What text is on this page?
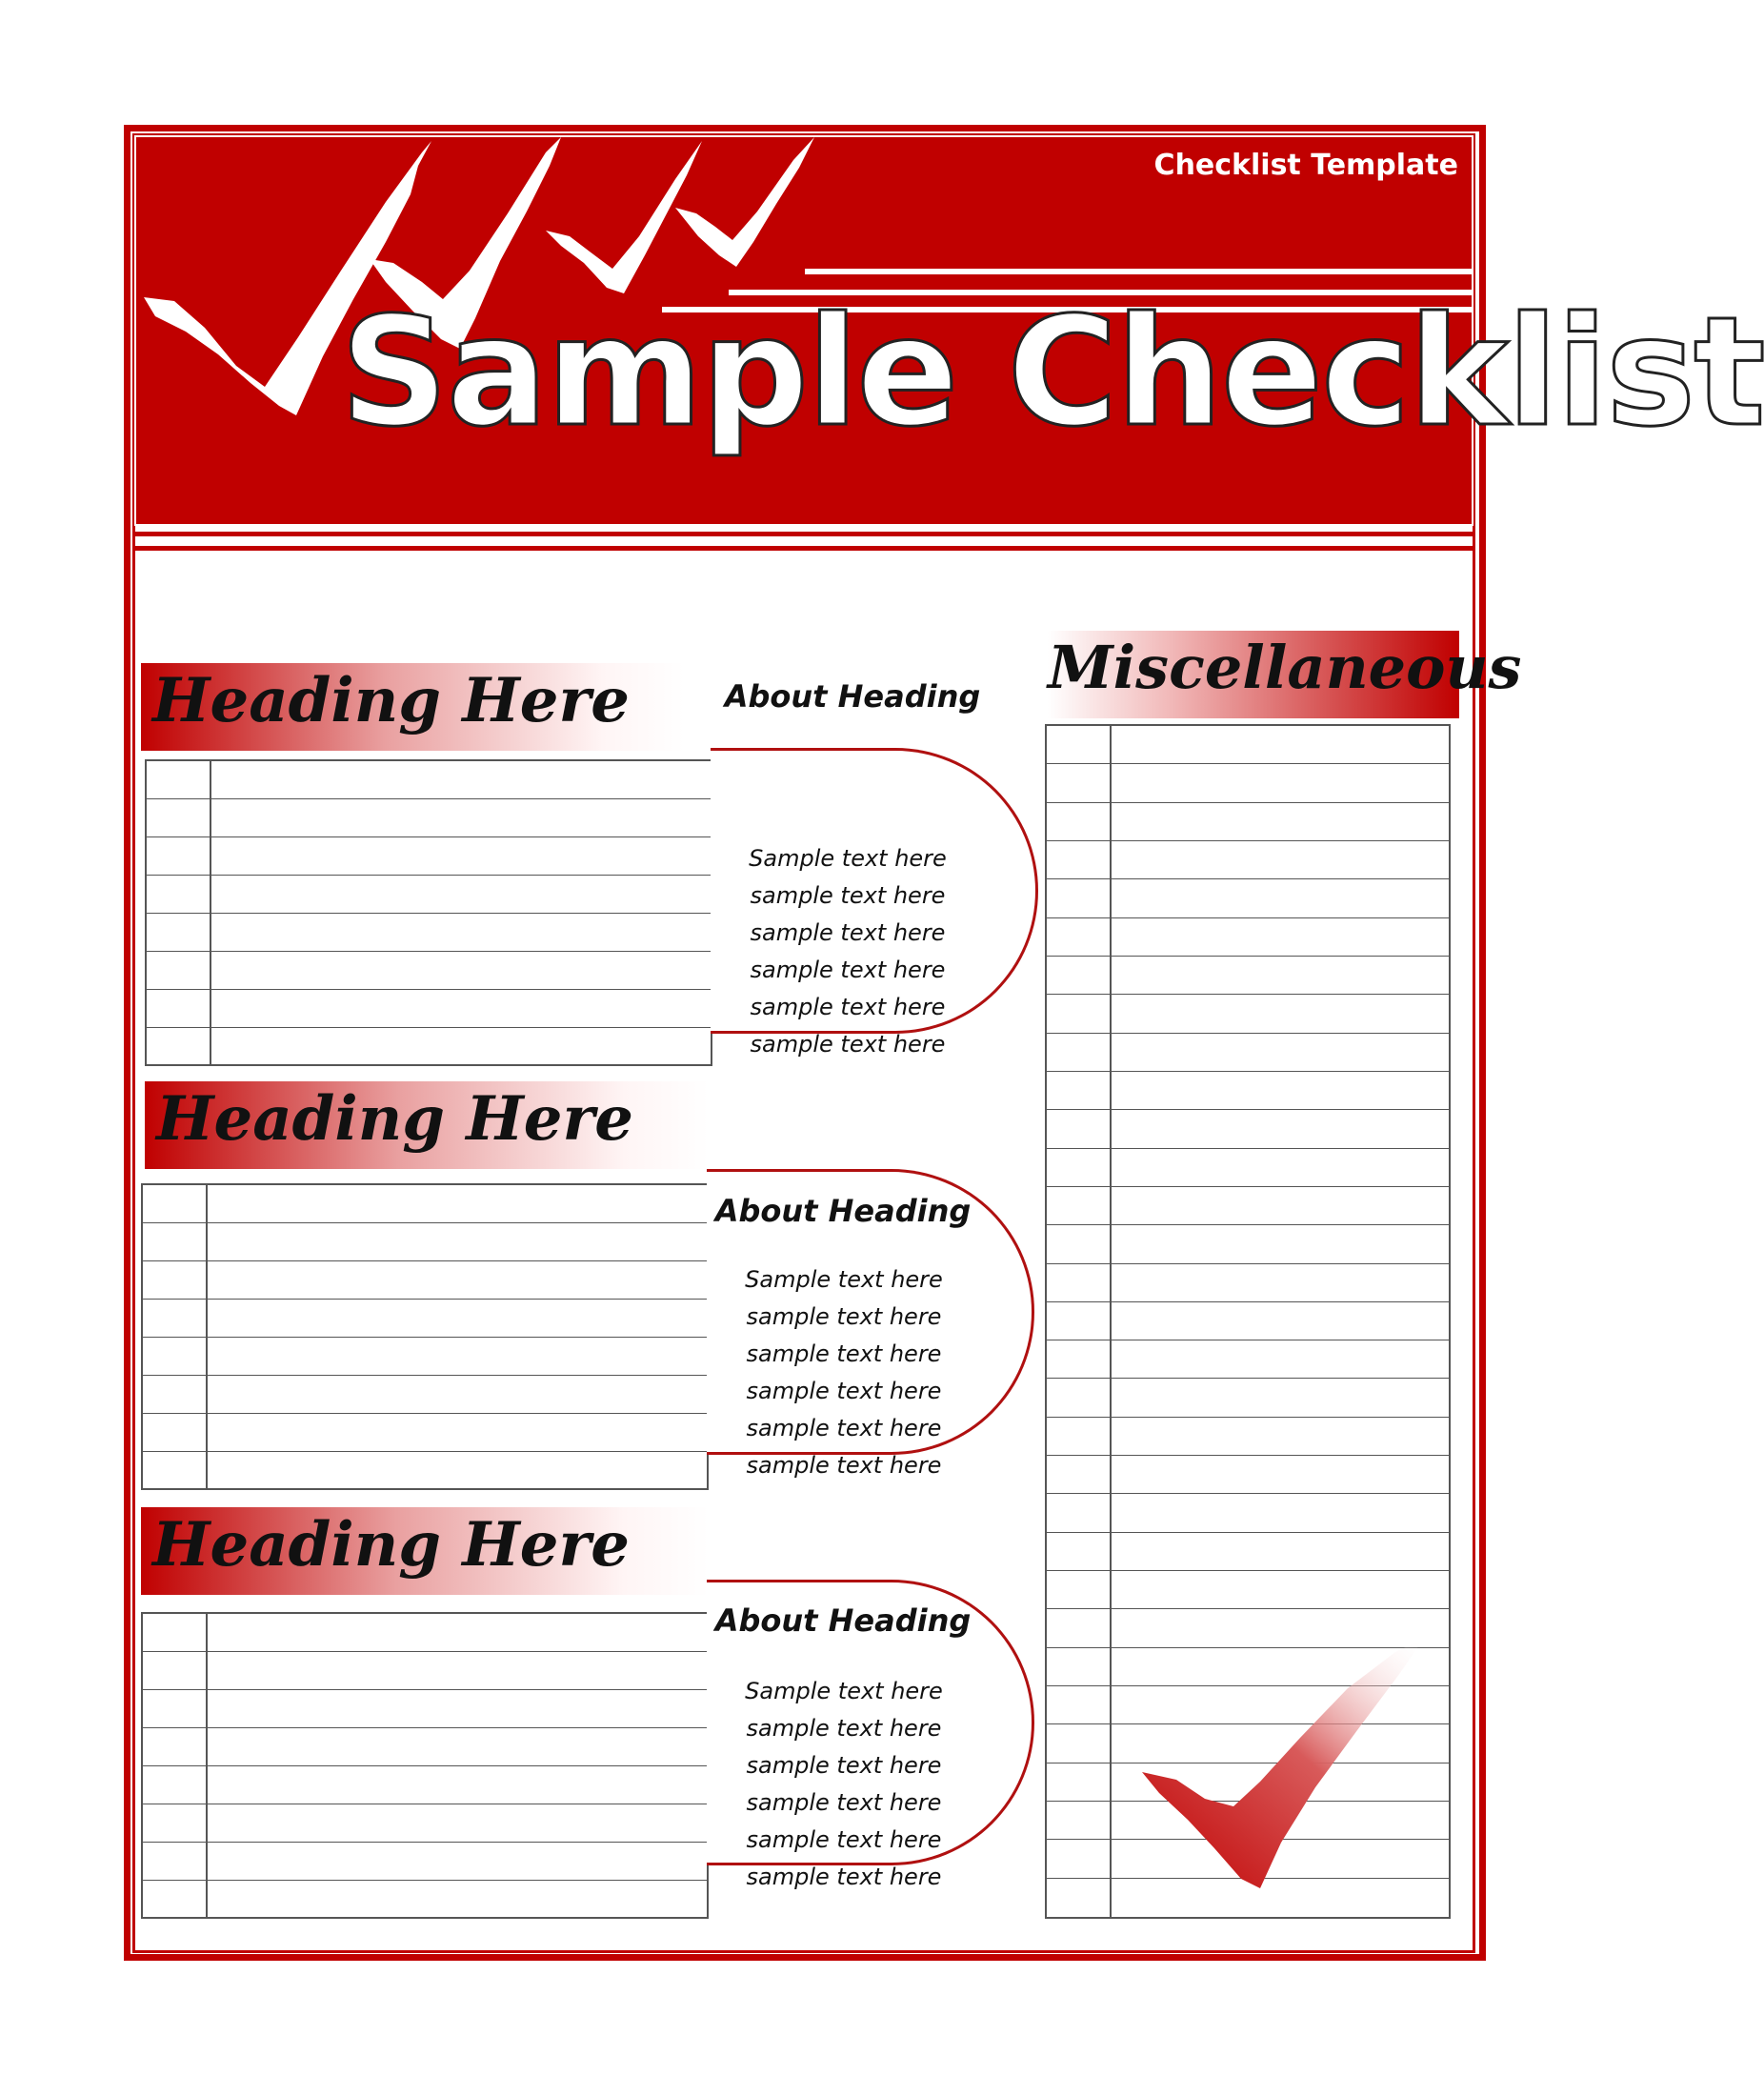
Checklist Template
Sample Checklist
Heading Here	About Heading
Sample text here sample text here sample text here sample text here sample text here sample text here
Heading Here
About Heading
Sample text here sample text here sample text here sample text here sample text here sample text here
Heading Here
About Heading
Sample text here sample text here sample text here sample text here sample text here sample text here
Miscellaneous
